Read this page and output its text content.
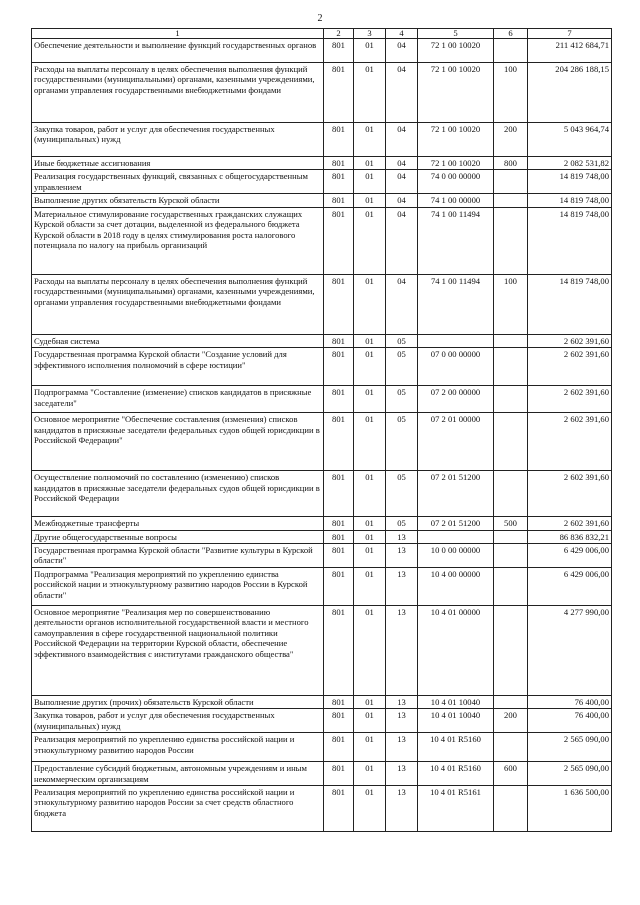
2
1	2	3	4	5	6	7
Обеспечение деятельности и выполнение функций государственных органов	801	01	04	72 1 00 10020		211 412 684,71
Расходы на выплаты персоналу в целях обеспечения выполнения функций государственными (муниципальными) органами, казенными учреждениями, органами управления государственными внебюджетными фондами	801	01	04	72 1 00 10020	100	204 286 188,15
Закупка товаров, работ и услуг для обеспечения государственных (муниципальных) нужд	801	01	04	72 1 00 10020	200	5 043 964,74
Иные бюджетные ассигнования	801	01	04	72 1 00 10020	800	2 082 531,82
Реализация государственных функций, связанных с общегосударственным управлением	801	01	04	74 0 00 00000		14 819 748,00
Выполнение других обязательств Курской области	801	01	04	74 1 00 00000		14 819 748,00
Материальное стимулирование государственных гражданских служащих Курской области за счет дотации, выделенной из федерального бюджета Курской области в 2018 году в целях стимулирования роста налогового потенциала по налогу на прибыль организаций	801	01	04	74 1 00 11494		14 819 748,00
Расходы на выплаты персоналу в целях обеспечения выполнения функций государственными (муниципальными) органами, казенными учреждениями, органами управления государственными внебюджетными фондами	801	01	04	74 1 00 11494	100	14 819 748,00
Судебная система	801	01	05			2 602 391,60
Государственная программа Курской области "Создание условий для эффективного исполнения полномочий в сфере юстиции"	801	01	05	07 0 00 00000		2 602 391,60
Подпрограмма "Составление (изменение) списков кандидатов в присяжные заседатели"	801	01	05	07 2 00 00000		2 602 391,60
Основное мероприятие "Обеспечение составления (изменения) списков кандидатов в присяжные заседатели федеральных судов общей юрисдикции в Российской Федерации"	801	01	05	07 2 01 00000		2 602 391,60
Осуществление полномочий по составлению (изменению) списков кандидатов в присяжные заседатели федеральных судов общей юрисдикции в Российской Федерации	801	01	05	07 2 01 51200		2 602 391,60
Межбюджетные трансферты	801	01	05	07 2 01 51200	500	2 602 391,60
Другие общегосударственные вопросы	801	01	13			86 836 832,21
Государственная программа Курской области "Развитие культуры в Курской области"	801	01	13	10 0 00 00000		6 429 006,00
Подпрограмма "Реализация мероприятий по укреплению единства российской нации и этнокультурному развитию народов России в Курской области"	801	01	13	10 4 00 00000		6 429 006,00
Основное мероприятие "Реализация мер по совершенствованию деятельности органов исполнительной государственной власти и местного самоуправления в сфере государственной национальной политики Российской Федерации на территории Курской области, обеспечение эффективного взаимодействия с институтами гражданского общества"	801	01	13	10 4 01 00000		4 277 990,00
Выполнение других (прочих) обязательств Курской области	801	01	13	10 4 01 10040		76 400,00
Закупка товаров, работ и услуг для обеспечения государственных (муниципальных) нужд	801	01	13	10 4 01 10040	200	76 400,00
Реализация мероприятий по укреплению единства российской нации и этнокультурному развитию народов России	801	01	13	10 4 01 R5160		2 565 090,00
Предоставление субсидий бюджетным, автономным учреждениям и иным некоммерческим организациям	801	01	13	10 4 01 R5160	600	2 565 090,00
Реализация мероприятий по укреплению единства российской нации и этнокультурному развитию народов России за счет средств областного бюджета	801	01	13	10 4 01 R5161		1 636 500,00
